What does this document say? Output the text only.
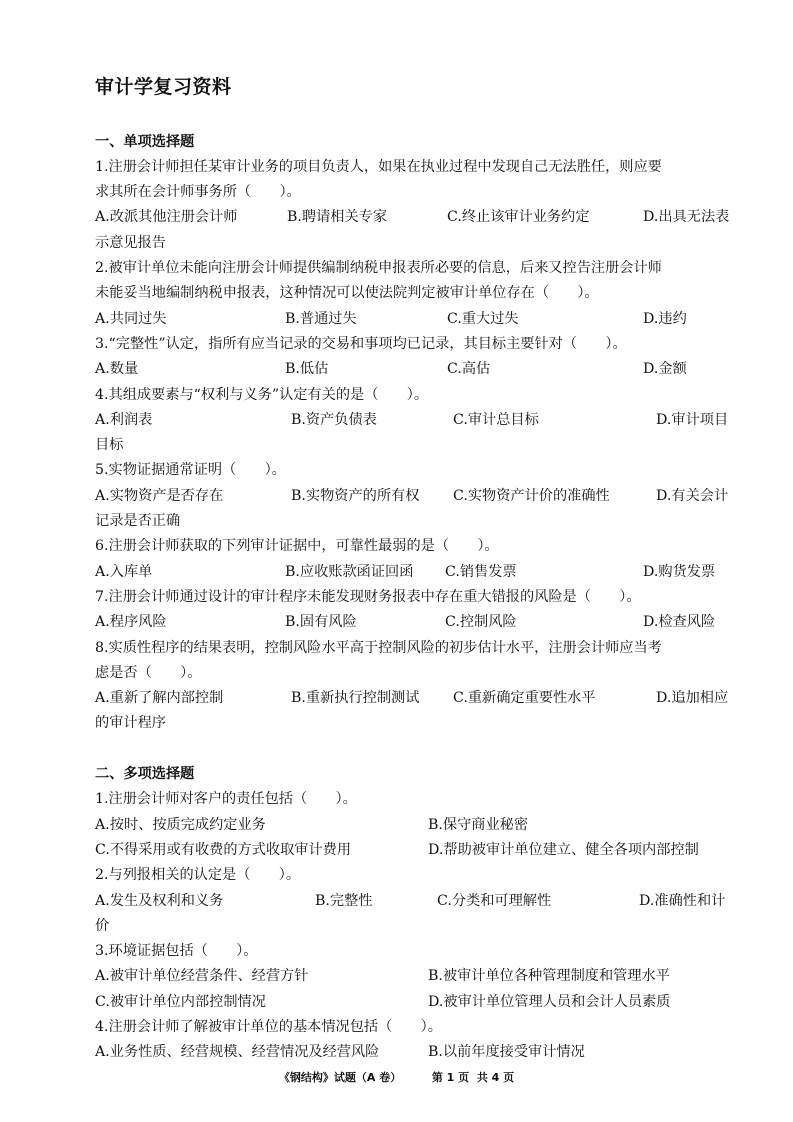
审计学复习资料
一、单项选择题
1.注册会计师担任某审计业务的项目负责人，如果在执业过程中发现自己无法胜任，则应要
求其所在会计师事务所（　　）。
A.改派其他注册会计师	B.聘请相关专家	C.终止该审计业务约定	D.出具无法表
示意见报告
2.被审计单位未能向注册会计师提供编制纳税申报表所必要的信息，后来又控告注册会计师
未能妥当地编制纳税申报表，这种情况可以使法院判定被审计单位存在（　　）。
A.共同过失	B.普通过失	C.重大过失	D.违约
3.“完整性”认定，指所有应当记录的交易和事项均已记录，其目标主要针对（　　）。
A.数量	B.低估	C.高估	D.金额
4.其组成要素与“权利与义务”认定有关的是（　　）。
A.利润表	B.资产负债表	C.审计总目标	D.审计项目
目标
5.实物证据通常证明（　　）。
A.实物资产是否存在	B.实物资产的所有权 C.实物资产计价的准确性	D.有关会计
记录是否正确
6.注册会计师获取的下列审计证据中，可靠性最弱的是（　　）。
A.入库单	B.应收账款函证回函 C.销售发票	D.购货发票
7.注册会计师通过设计的审计程序未能发现财务报表中存在重大错报的风险是（　　）。
A.程序风险	B.固有风险	C.控制风险	D.检查风险
8.实质性程序的结果表明，控制风险水平高于控制风险的初步估计水平，注册会计师应当考
虑是否（　　）。
A.重新了解内部控制	B.重新执行控制测试 C.重新确定重要性水平	D.追加相应
的审计程序
二、多项选择题
1.注册会计师对客户的责任包括（　　）。
A.按时、按质完成约定业务	B.保守商业秘密
C.不得采用或有收费的方式收取审计费用	D.帮助被审计单位建立、健全各项内部控制
2.与列报相关的认定是（　　）。
A.发生及权利和义务	B.完整性	C.分类和可理解性	D.准确性和计
价
3.环境证据包括（　　）。
A.被审计单位经营条件、经营方针	B.被审计单位各种管理制度和管理水平
C.被审计单位内部控制情况	D.被审计单位管理人员和会计人员素质
4.注册会计师了解被审计单位的基本情况包括（　　）。
A.业务性质、经营规模、经营情况及经营风险	B.以前年度接受审计情况
《钢结构》试题（A 卷）	第 1 页  共 4 页
